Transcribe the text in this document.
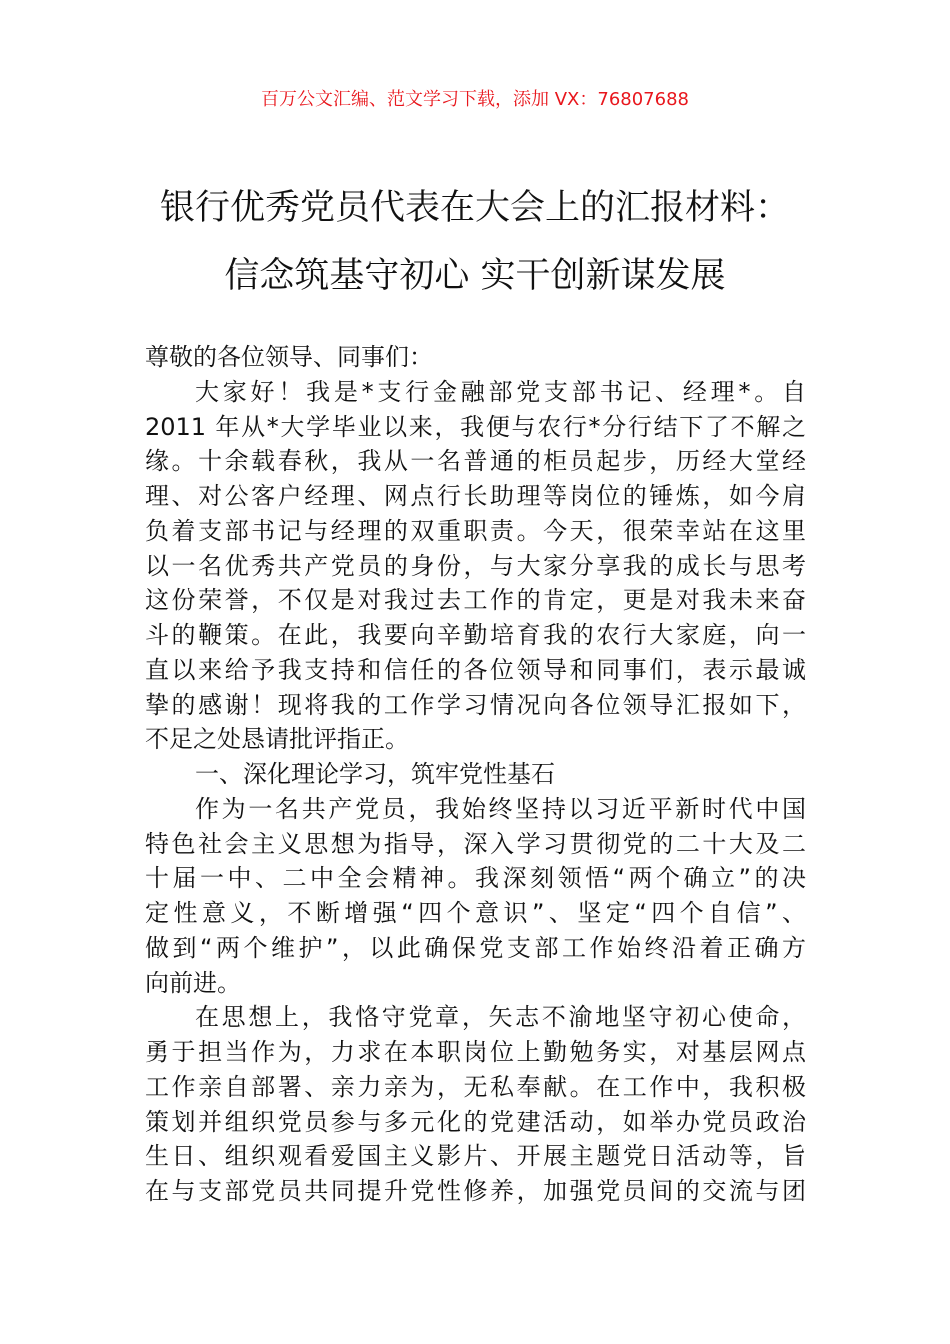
百万公文汇编、范文学习下载，添加 VX：76807688
银行优秀党员代表在大会上的汇报材料：
信念筑基守初心 实干创新谋发展
尊敬的各位领导、同事们：
大家好！我是*支行金融部党支部书记、经理*。自
2011 年从*大学毕业以来，我便与农行*分行结下了不解之
缘。十余载春秋，我从一名普通的柜员起步，历经大堂经
理、对公客户经理、网点行长助理等岗位的锤炼，如今肩
负着支部书记与经理的双重职责。今天，很荣幸站在这里
以一名优秀共产党员的身份，与大家分享我的成长与思考
这份荣誉，不仅是对我过去工作的肯定，更是对我未来奋
斗的鞭策。在此，我要向辛勤培育我的农行大家庭，向一
直以来给予我支持和信任的各位领导和同事们，表示最诚
挚的感谢！现将我的工作学习情况向各位领导汇报如下，
不足之处恳请批评指正。
一、深化理论学习，筑牢党性基石
作为一名共产党员，我始终坚持以习近平新时代中国
特色社会主义思想为指导，深入学习贯彻党的二十大及二
十届一中、二中全会精神。我深刻领悟“两个确立”的决
定性意义，不断增强“四个意识”、坚定“四个自信”、
做到“两个维护”，以此确保党支部工作始终沿着正确方
向前进。
在思想上，我恪守党章，矢志不渝地坚守初心使命，
勇于担当作为，力求在本职岗位上勤勉务实，对基层网点
工作亲自部署、亲力亲为，无私奉献。在工作中，我积极
策划并组织党员参与多元化的党建活动，如举办党员政治
生日、组织观看爱国主义影片、开展主题党日活动等，旨
在与支部党员共同提升党性修养，加强党员间的交流与团
